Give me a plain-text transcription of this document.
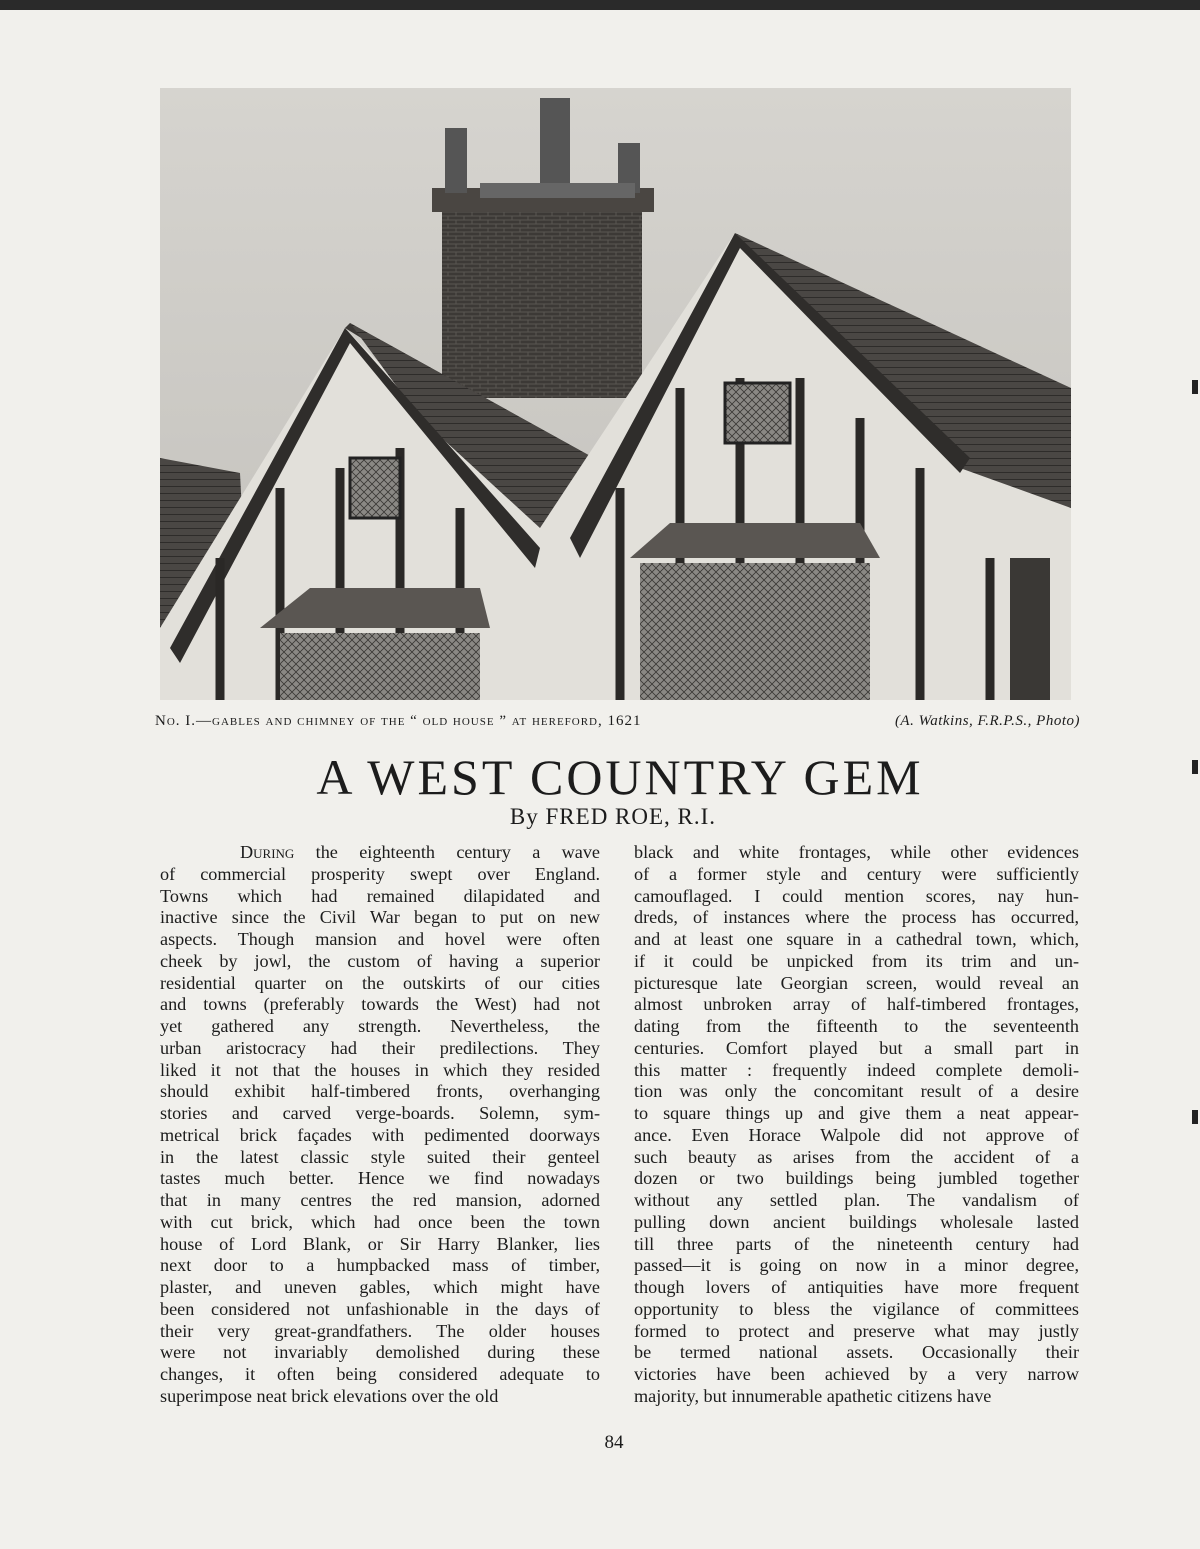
No. I.—gables and chimney of the “ old house ” at hereford, 1621	(A. Watkins, F.R.P.S., Photo)
A WEST COUNTRY GEM
By FRED ROE, R.I.
During the eighteenth century a wave
of commercial prosperity swept over England.
Towns which had remained dilapidated and
inactive since the Civil War began to put on new
aspects. Though mansion and hovel were often
cheek by jowl, the custom of having a superior
residential quarter on the outskirts of our cities
and towns (preferably towards the West) had not
yet gathered any strength. Nevertheless, the
urban aristocracy had their predilections. They
liked it not that the houses in which they resided
should exhibit half-timbered fronts, overhanging
stories and carved verge-boards. Solemn, sym-
metrical brick façades with pedimented doorways
in the latest classic style suited their genteel
tastes much better. Hence we find nowadays
that in many centres the red mansion, adorned
with cut brick, which had once been the town
house of Lord Blank, or Sir Harry Blanker, lies
next door to a humpbacked mass of timber,
plaster, and uneven gables, which might have
been considered not unfashionable in the days of
their very great-grandfathers. The older houses
were not invariably demolished during these
changes, it often being considered adequate to
superimpose neat brick elevations over the old
black and white frontages, while other evidences
of a former style and century were sufficiently
camouflaged. I could mention scores, nay hun-
dreds, of instances where the process has occurred,
and at least one square in a cathedral town, which,
if it could be unpicked from its trim and un-
picturesque late Georgian screen, would reveal an
almost unbroken array of half-timbered frontages,
dating from the fifteenth to the seventeenth
centuries. Comfort played but a small part in
this matter : frequently indeed complete demoli-
tion was only the concomitant result of a desire
to square things up and give them a neat appear-
ance. Even Horace Walpole did not approve of
such beauty as arises from the accident of a
dozen or two buildings being jumbled together
without any settled plan. The vandalism of
pulling down ancient buildings wholesale lasted
till three parts of the nineteenth century had
passed—it is going on now in a minor degree,
though lovers of antiquities have more frequent
opportunity to bless the vigilance of committees
formed to protect and preserve what may justly
be termed national assets. Occasionally their
victories have been achieved by a very narrow
majority, but innumerable apathetic citizens have
84
